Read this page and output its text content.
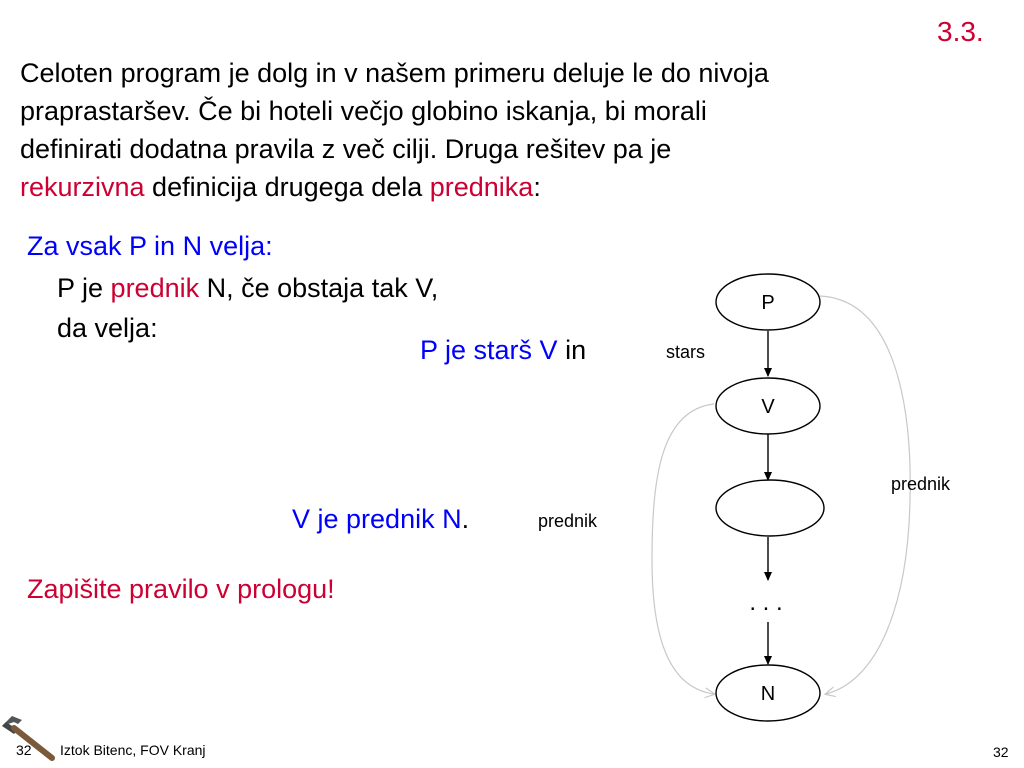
3.3.
Celoten program je dolg in v našem primeru deluje le do nivoja
praprastaršev. Če bi hoteli večjo globino iskanja, bi morali
definirati dodatna pravila z več cilji. Druga rešitev pa je
rekurzivna definicija drugega dela prednika:
Za vsak P in N velja:
P je prednik N, če obstaja tak V,
da velja:
P je starš V in
V je prednik N.	prednik
Zapišite pravilo v prologu!
P
V
N
. . .
stars
prednik
32 Iztok Bitenc, FOV Kranj	32
